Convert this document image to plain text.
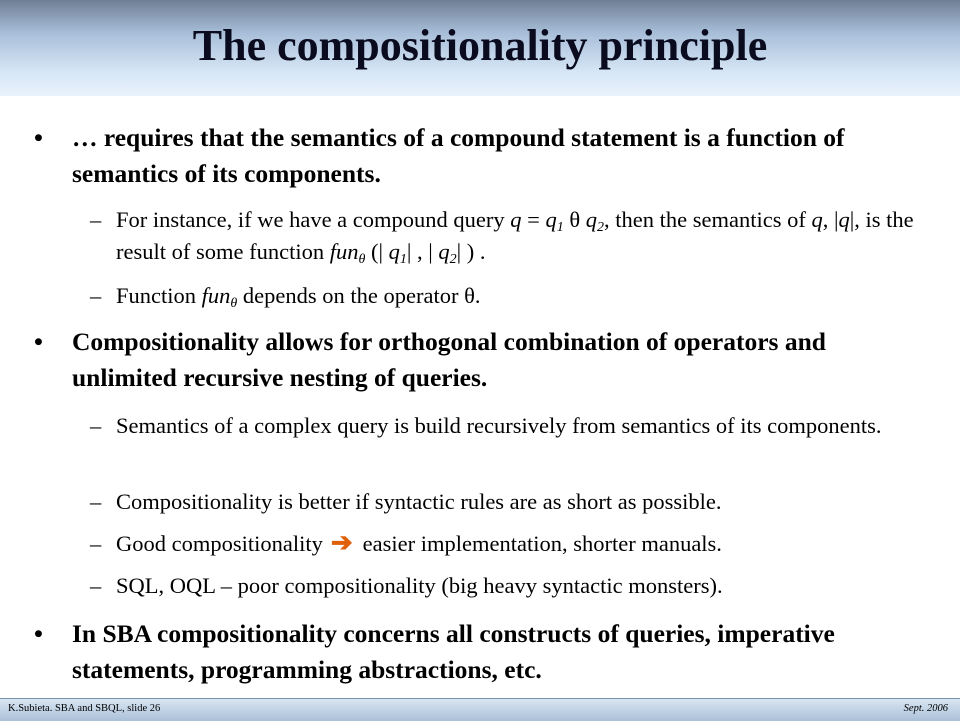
The compositionality principle
• … requires that the semantics of a compound statement is a function of semantics of its components.
– For instance, if we have a compound query $q = q_1$ θ $q_2$, then the semantics of q, |q|, is the result of some function fun$_\theta$ (| $q_1|$ , | $q_2|$ ) .
– Function fun$_\theta$ depends on the operator θ.
• Compositionality allows for orthogonal combination of operators and unlimited recursive nesting of queries.
– Semantics of a complex query is build recursively from semantics of its components.
– Compositionality is better if syntactic rules are as short as possible.
– Good compositionality ➔ easier implementation, shorter manuals.
– SQL, OQL – poor compositionality (big heavy syntactic monsters).
• In SBA compositionality concerns all constructs of queries, imperative statements, programming abstractions, etc.
K.Subieta. SBA and SBQL, slide 26	Sept. 2006
